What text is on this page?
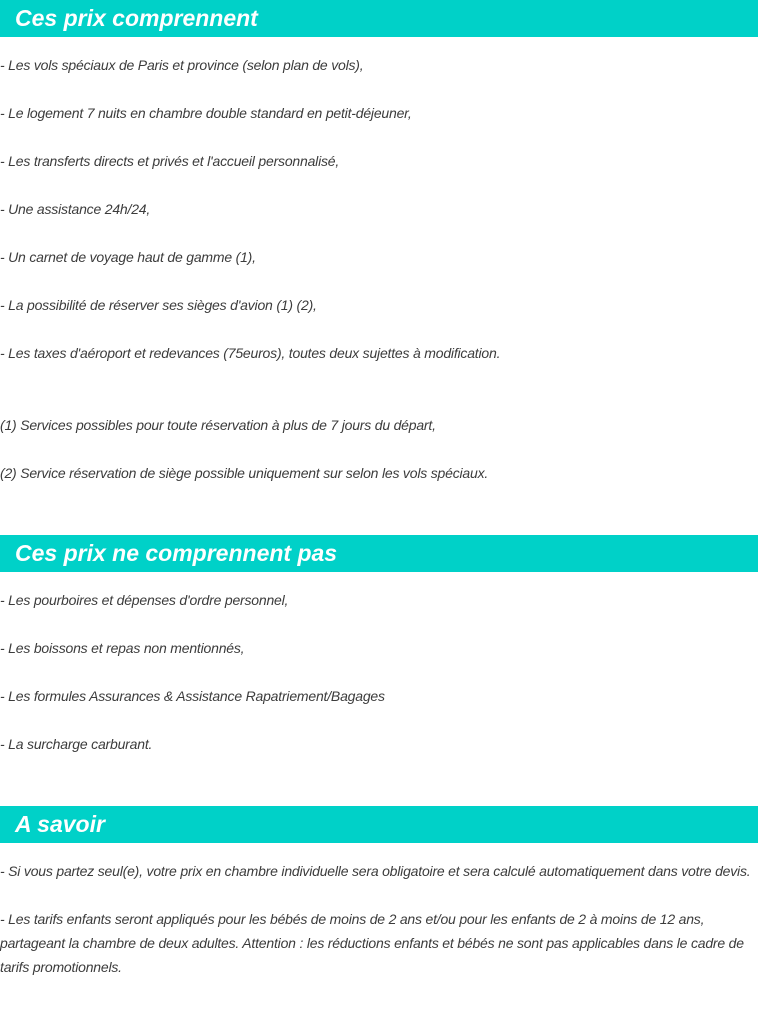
Ces prix comprennent
- Les vols spéciaux de Paris et province (selon plan de vols),
- Le logement 7 nuits en chambre double standard en petit-déjeuner,
- Les transferts directs et privés et l'accueil personnalisé,
- Une assistance 24h/24,
- Un carnet de voyage haut de gamme (1),
- La possibilité de réserver ses sièges d'avion (1) (2),
- Les taxes d'aéroport et redevances (75euros), toutes deux sujettes à modification.
(1) Services possibles pour toute réservation à plus de 7 jours du départ,
(2) Service réservation de siège possible uniquement sur selon les vols spéciaux.
Ces prix ne comprennent pas
- Les pourboires et dépenses d'ordre personnel,
- Les boissons et repas non mentionnés,
- Les formules Assurances & Assistance Rapatriement/Bagages
- La surcharge carburant.
A savoir
- Si vous partez seul(e), votre prix en chambre individuelle sera obligatoire et sera calculé automatiquement dans votre devis.
- Les tarifs enfants seront appliqués pour les bébés de moins de 2 ans et/ou pour les enfants de 2 à moins de 12 ans, partageant la chambre de deux adultes. Attention : les réductions enfants et bébés ne sont pas applicables dans le cadre de tarifs promotionnels.
